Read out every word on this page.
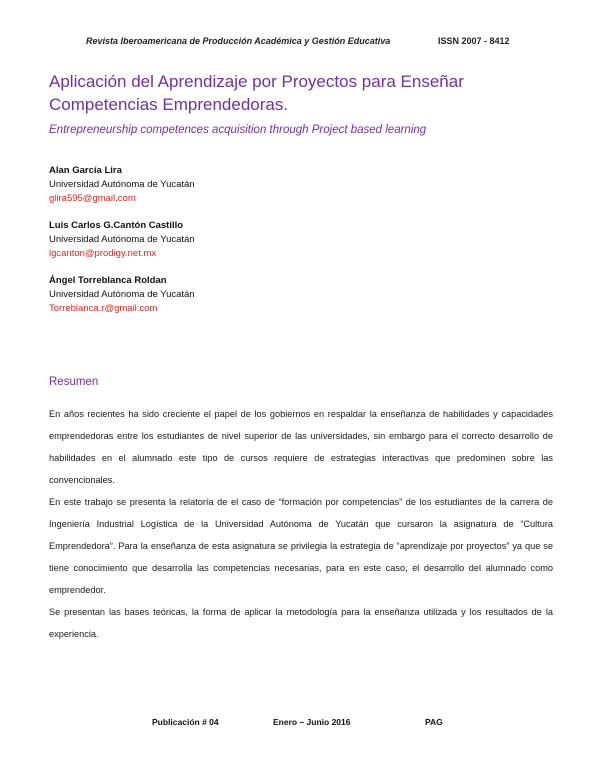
Revista Iberoamericana de Producción Académica y Gestión Educativa	ISSN 2007 - 8412
Aplicación del Aprendizaje por Proyectos para Enseñar Competencias Emprendedoras.
Entrepreneurship competences acquisition through Project based learning
Alan García Lira
Universidad Autónoma de Yucatán
glira595@gmail.com
Luis Carlos G.Cantón Castillo
Universidad Autónoma de Yucatán
lgcanton@prodigy.net.mx
Ángel Torreblanca Roldan
Universidad Autónoma de Yucatán
Torreblanca.r@gmail.com
Resumen

En años recientes ha sido creciente el papel de los gobiernos en respaldar la enseñanza de habilidades y capacidades emprendedoras entre los estudiantes de nivel superior de las universidades, sin embargo para el correcto desarrollo de habilidades en el alumnado este tipo de cursos requiere de estrategias interactivas que predominen sobre las convencionales.

En este trabajo se presenta la relatoría de el caso de “formación por competencias” de los estudiantes de la carrera de Ingeniería Industrial Logística de la Universidad Autónoma de Yucatán que cursaron la asignatura de “Cultura Emprendedora”. Para la enseñanza de esta asignatura se privilegia la estrategia de “aprendizaje por proyectos” ya que se tiene conocimiento que desarrolla las competencias necesarias, para en este caso, el desarrollo del alumnado como emprendedor.

Se presentan las bases teóricas, la forma de aplicar la metodología para la enseñanza utilizada y los resultados de la experiencia.

Publicación # 04	Enero – Junio 2016	PAG
